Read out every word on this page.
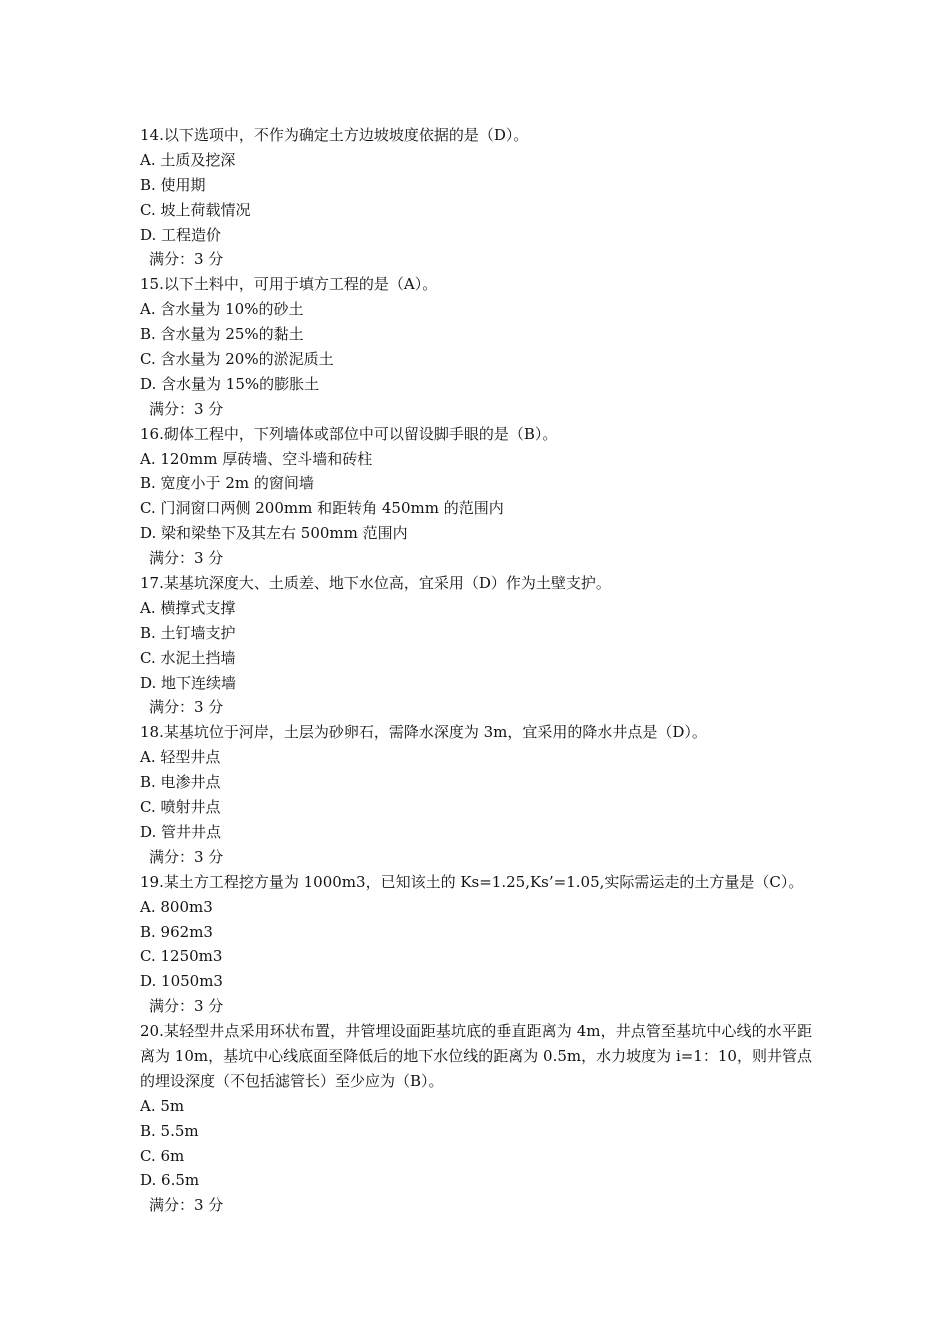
14.以下选项中，不作为确定土方边坡坡度依据的是（D）。
A. 土质及挖深
B. 使用期
C. 坡上荷载情况
D. 工程造价
满分：3 分
15.以下土料中，可用于填方工程的是（A）。
A. 含水量为 10%的砂土
B. 含水量为 25%的黏土
C. 含水量为 20%的淤泥质土
D. 含水量为 15%的膨胀土
满分：3 分
16.砌体工程中，下列墙体或部位中可以留设脚手眼的是（B）。
A. 120mm 厚砖墙、空斗墙和砖柱
B. 宽度小于 2m 的窗间墙
C. 门洞窗口两侧 200mm 和距转角 450mm 的范围内
D. 梁和梁垫下及其左右 500mm 范围内
满分：3 分
17.某基坑深度大、土质差、地下水位高，宜采用（D）作为土壁支护。
A. 横撑式支撑
B. 土钉墙支护
C. 水泥土挡墙
D. 地下连续墙
满分：3 分
18.某基坑位于河岸，土层为砂卵石，需降水深度为 3m，宜采用的降水井点是（D）。
A. 轻型井点
B. 电渗井点
C. 喷射井点
D. 管井井点
满分：3 分
19.某土方工程挖方量为 1000m3，已知该土的 Ks=1.25,Ks’=1.05,实际需运走的土方量是（C）。
A. 800m3
B. 962m3
C. 1250m3
D. 1050m3
满分：3 分
20.某轻型井点采用环状布置，井管埋设面距基坑底的垂直距离为 4m，井点管至基坑中心线的水平距离为 10m，基坑中心线底面至降低后的地下水位线的距离为 0.5m，水力坡度为 i=1：10，则井管点的埋设深度（不包括滤管长）至少应为（B）。
A. 5m
B. 5.5m
C. 6m
D. 6.5m
满分：3 分
